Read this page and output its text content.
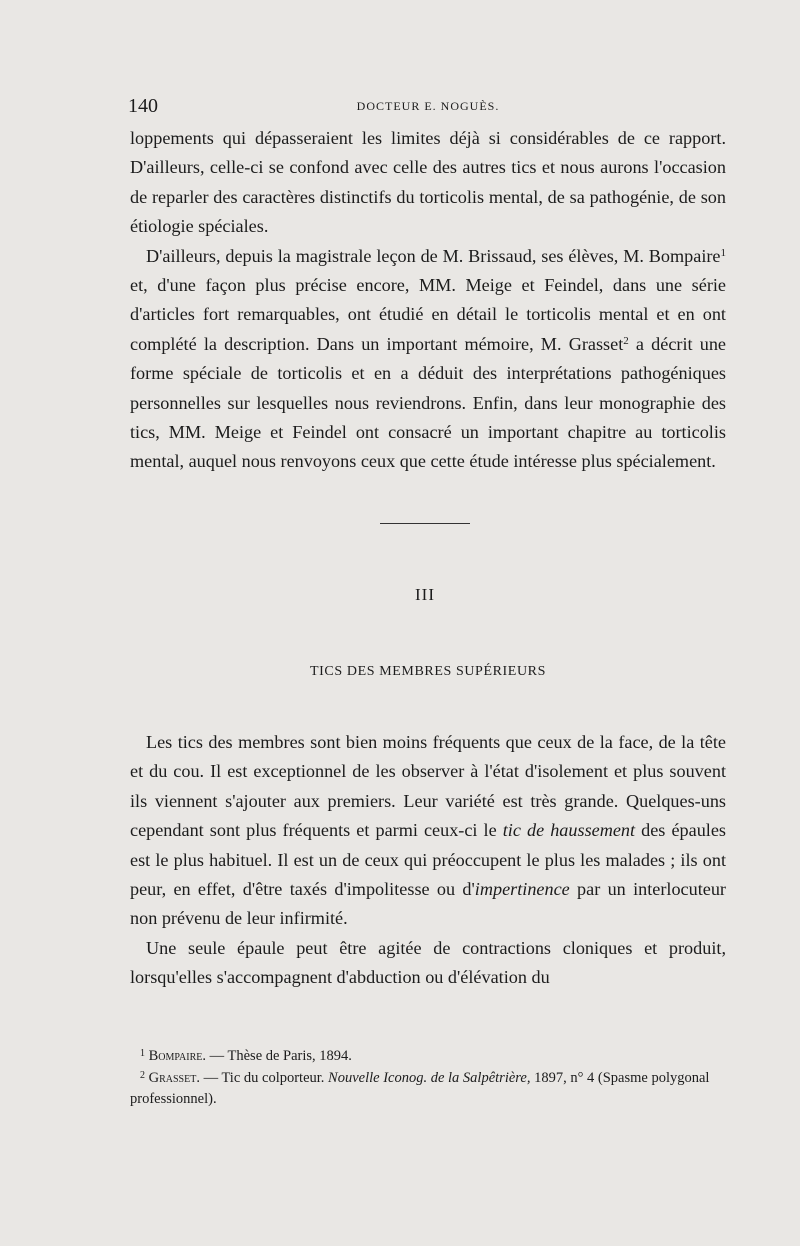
140	DOCTEUR E. NOGUÈS.

loppements qui dépasseraient les limites déjà si considérables de ce rapport. D'ailleurs, celle-ci se confond avec celle des autres tics et nous aurons l'occasion de reparler des caractères distinctifs du torticolis mental, de sa pathogénie, de son étiologie spéciales.

D'ailleurs, depuis la magistrale leçon de M. Brissaud, ses élèves, M. Bompaire$^1$ et, d'une façon plus précise encore, MM. Meige et Feindel, dans une série d'articles fort remarquables, ont étudié en détail le torticolis mental et en ont complété la description. Dans un important mémoire, M. Grasset$^2$ a décrit une forme spéciale de torticolis et en a déduit des interprétations pathogéniques personnelles sur lesquelles nous reviendrons. Enfin, dans leur monographie des tics, MM. Meige et Feindel ont consacré un important chapitre au torticolis mental, auquel nous renvoyons ceux que cette étude intéresse plus spécialement.

III
TICS DES MEMBRES SUPÉRIEURS

Les tics des membres sont bien moins fréquents que ceux de la face, de la tête et du cou. Il est exceptionnel de les observer à l'état d'isolement et plus souvent ils viennent s'ajouter aux premiers. Leur variété est très grande. Quelques-uns cependant sont plus fréquents et parmi ceux-ci le tic de haussement des épaules est le plus habituel. Il est un de ceux qui préoccupent le plus les malades ; ils ont peur, en effet, d'être taxés d'impolitesse ou d'impertinence par un interlocuteur non prévenu de leur infirmité.

Une seule épaule peut être agitée de contractions cloniques et produit, lorsqu'elles s'accompagnent d'abduction ou d'élévation du

$^1$ Bompaire. — Thèse de Paris, 1894.

$^2$ Grasset. — Tic du colporteur. Nouvelle Iconog. de la Salpêtrière, 1897, n° 4 (Spasme polygonal professionnel).
